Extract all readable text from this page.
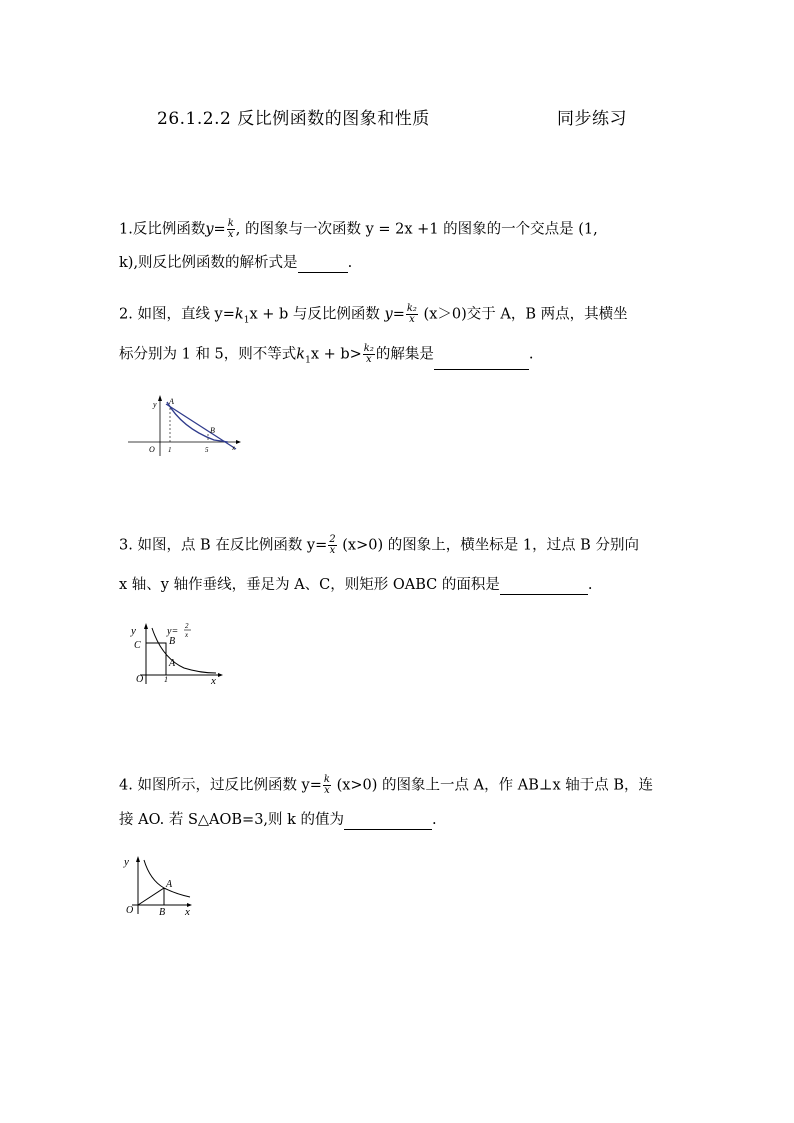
26.1.2.2 反比例函数的图象和性质	同步练习
1.反比例函数$y= \frac{k}{x}$ , 的图象与一次函数 y = 2x +1 的图象的一个交点是 (1,
k),则反比例函数的解析式是	.
2. 如图，直线 $y=k_1x + b$ 与反比例函数 $y= \frac{\text{k₂}}{x} (x>0)$交于 A，B 两点，其横坐
标分别为 1 和 5，则不等式$k_1x + b> \frac{\text{k₂}}{x}$ 的解集是	.
y A
B
O 1	5	x
3. 如图，点 B 在反比例函数 $y= \frac{2}{x} (x>0)$ 的图象上，横坐标是 1，过点 B 分别向
x 轴、y 轴作垂线，垂足为 A、C，则矩形 OABC 的面积是	.
y	y= 2
x
B
C
A
O	1	x
4. 如图所示，过反比例函数 $y= \frac{k}{x} (x>0)$ 的图象上一点 A，作 AB⊥x 轴于点 B，连
接 AO. 若 S△AOB=3,则 k 的值为	.
y
A
O	B x
